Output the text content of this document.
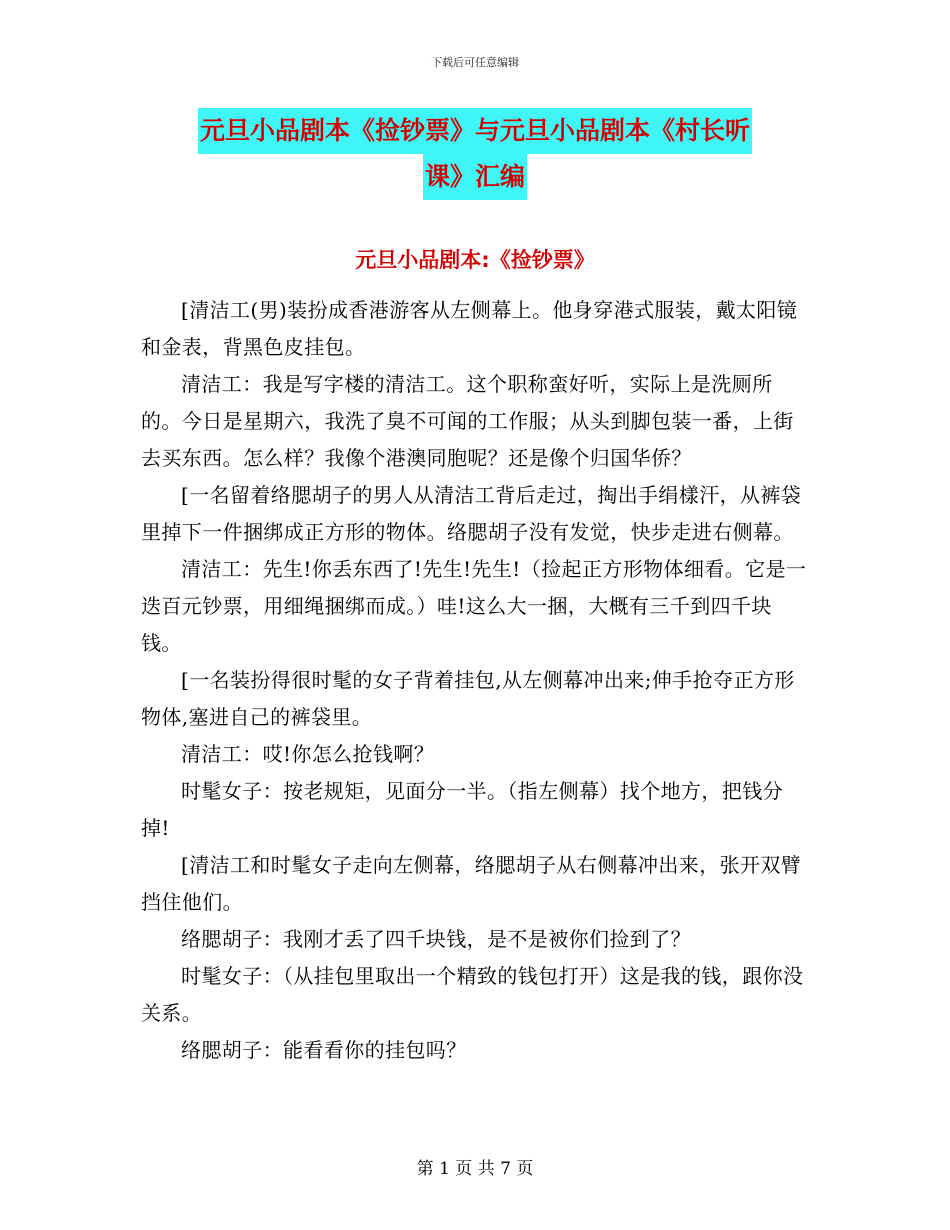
下载后可任意编辑
元旦小品剧本《捡钞票》与元旦小品剧本《村长听
课》汇编
元旦小品剧本:《捡钞票》

[清洁工(男)装扮成香港游客从左侧幕上。他身穿港式服装，戴太阳镜和金表，背黑色皮挂包。

清洁工：我是写字楼的清洁工。这个职称蛮好听，实际上是洗厕所的。今日是星期六，我洗了臭不可闻的工作服；从头到脚包装一番，上街去买东西。怎么样？我像个港澳同胞呢？还是像个归国华侨？

[一名留着络腮胡子的男人从清洁工背后走过，掏出手绢樣汗，从裤袋里掉下一件捆绑成正方形的物体。络腮胡子没有发觉，快步走进右侧幕。

清洁工：先生!你丢东西了!先生!先生!（捡起正方形物体细看。它是一迭百元钞票，用细绳捆绑而成。）哇!这么大一捆，大概有三千到四千块钱。

[一名装扮得很时髦的女子背着挂包,从左侧幕冲出来;伸手抢夺正方形物体,塞进自己的裤袋里。

清洁工：哎!你怎么抢钱啊？

时髦女子：按老规矩，见面分一半。（指左侧幕）找个地方，把钱分掉!

[清洁工和时髦女子走向左侧幕，络腮胡子从右侧幕冲出来，张开双臂挡住他们。

络腮胡子：我刚才丢了四千块钱，是不是被你们捡到了？

时髦女子：（从挂包里取出一个精致的钱包打开）这是我的钱，跟你没关系。

络腮胡子：能看看你的挂包吗？

第 1 页 共 7 页
